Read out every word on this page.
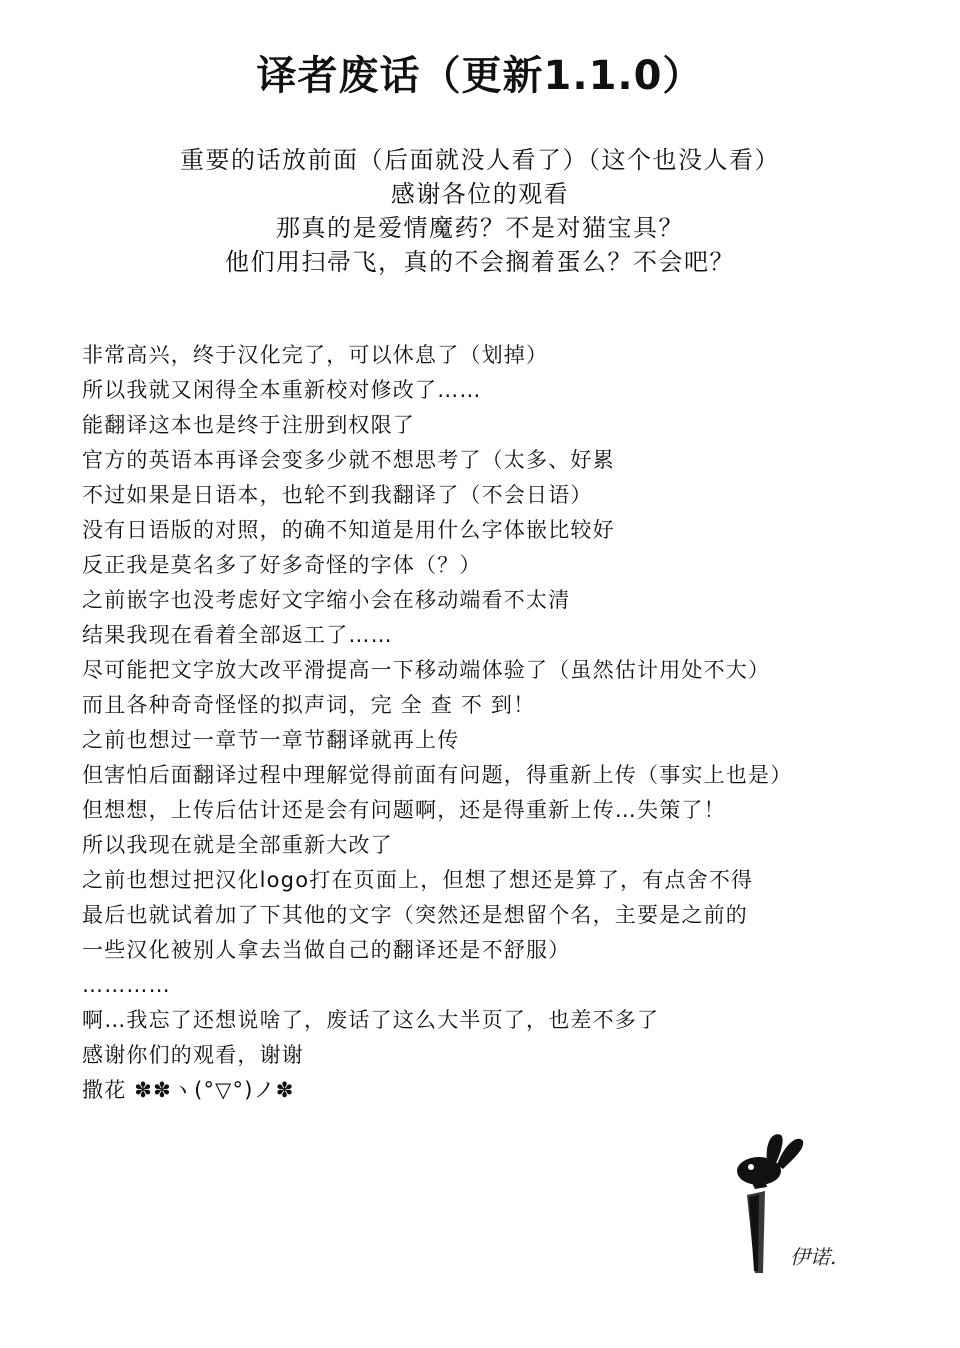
译者废话（更新1.1.0）
重要的话放前面（后面就没人看了）（这个也没人看）
感谢各位的观看
那真的是爱情魔药？不是对猫宝具？
他们用扫帚飞，真的不会搁着蛋么？不会吧？
非常高兴，终于汉化完了，可以休息了（划掉）
所以我就又闲得全本重新校对修改了……
能翻译这本也是终于注册到权限了
官方的英语本再译会变多少就不想思考了（太多、好累
不过如果是日语本，也轮不到我翻译了（不会日语）
没有日语版的对照，的确不知道是用什么字体嵌比较好
反正我是莫名多了好多奇怪的字体（？）
之前嵌字也没考虑好文字缩小会在移动端看不太清
结果我现在看着全部返工了……
尽可能把文字放大改平滑提高一下移动端体验了（虽然估计用处不大）
而且各种奇奇怪怪的拟声词，完 全 查 不 到！
之前也想过一章节一章节翻译就再上传
但害怕后面翻译过程中理解觉得前面有问题，得重新上传（事实上也是）
但想想，上传后估计还是会有问题啊，还是得重新上传…失策了！
所以我现在就是全部重新大改了
之前也想过把汉化logo打在页面上，但想了想还是算了，有点舍不得
最后也就试着加了下其他的文字（突然还是想留个名，主要是之前的
一些汉化被别人拿去当做自己的翻译还是不舒服）
…………
啊…我忘了还想说啥了，废话了这么大半页了，也差不多了
感谢你们的观看，谢谢
撒花 ✽✽ヽ(°▽°)ノ✽
伊诺.
